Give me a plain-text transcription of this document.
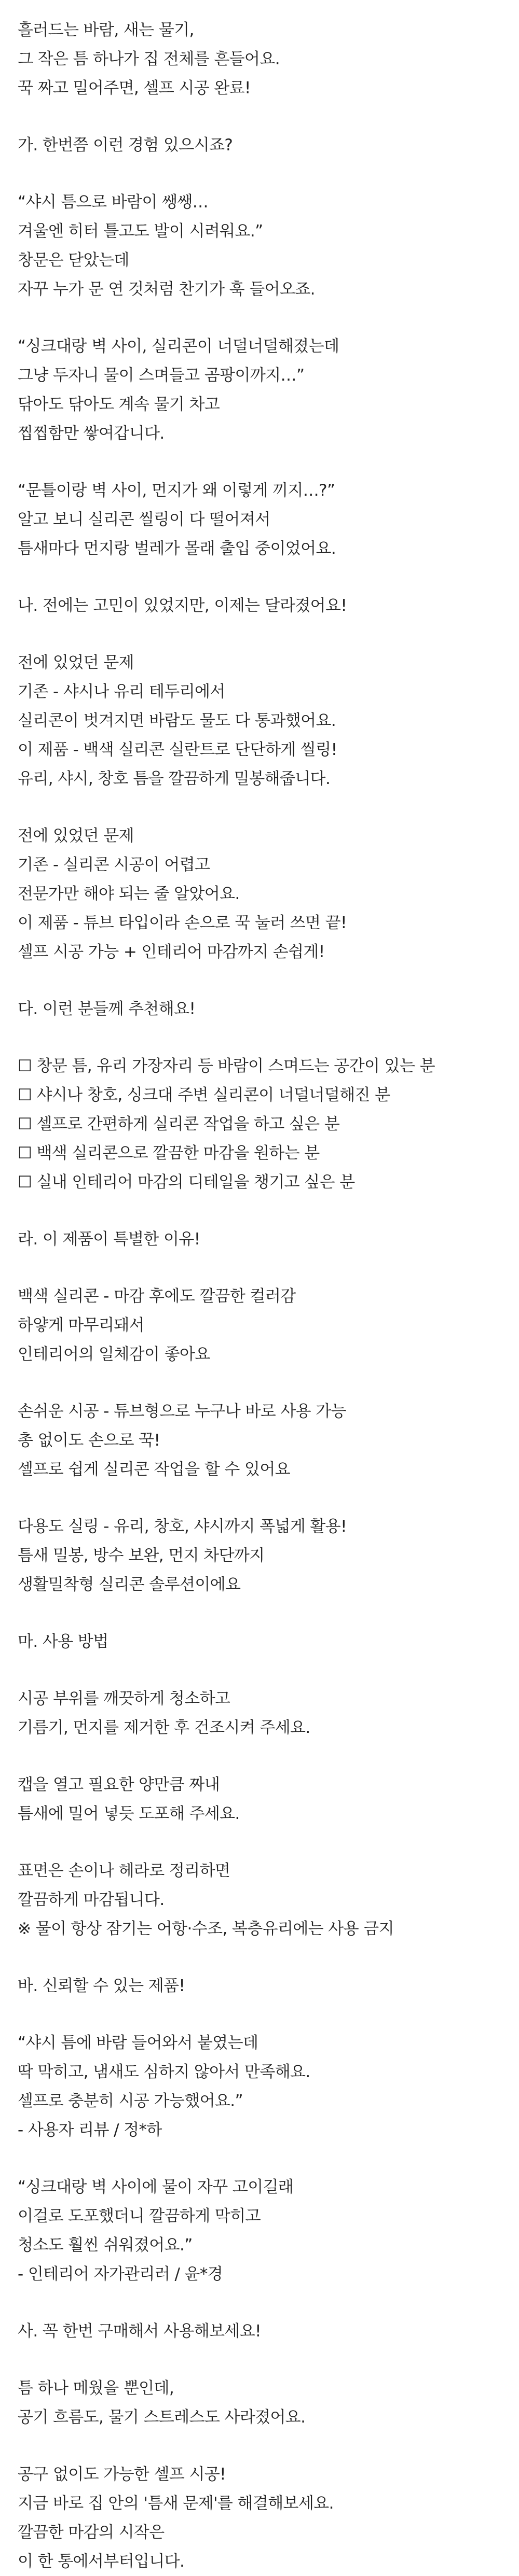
흘러드는 바람, 새는 물기,
그 작은 틈 하나가 집 전체를 흔들어요.
꾹 짜고 밀어주면, 셀프 시공 완료!
가. 한번쯤 이런 경험 있으시죠?
“샤시 틈으로 바람이 쌩쌩…
겨울엔 히터 틀고도 발이 시려워요.”
창문은 닫았는데
자꾸 누가 문 연 것처럼 찬기가 훅 들어오죠.
“싱크대랑 벽 사이, 실리콘이 너덜너덜해졌는데
그냥 두자니 물이 스며들고 곰팡이까지…”
닦아도 닦아도 계속 물기 차고
찝찝함만 쌓여갑니다.
“문틀이랑 벽 사이, 먼지가 왜 이렇게 끼지…?”
알고 보니 실리콘 씰링이 다 떨어져서
틈새마다 먼지랑 벌레가 몰래 출입 중이었어요.
나. 전에는 고민이 있었지만, 이제는 달라졌어요!
전에 있었던 문제
기존 - 샤시나 유리 테두리에서
실리콘이 벗겨지면 바람도 물도 다 통과했어요.
이 제품 - 백색 실리콘 실란트로 단단하게 씰링!
유리, 샤시, 창호 틈을 깔끔하게 밀봉해줍니다.
전에 있었던 문제
기존 - 실리콘 시공이 어렵고
전문가만 해야 되는 줄 알았어요.
이 제품 - 튜브 타입이라 손으로 꾹 눌러 쓰면 끝!
셀프 시공 가능 + 인테리어 마감까지 손쉽게!
다. 이런 분들께 추천해요!
☐ 창문 틈, 유리 가장자리 등 바람이 스며드는 공간이 있는 분
☐ 샤시나 창호, 싱크대 주변 실리콘이 너덜너덜해진 분
☐ 셀프로 간편하게 실리콘 작업을 하고 싶은 분
☐ 백색 실리콘으로 깔끔한 마감을 원하는 분
☐ 실내 인테리어 마감의 디테일을 챙기고 싶은 분
라. 이 제품이 특별한 이유!
백색 실리콘 - 마감 후에도 깔끔한 컬러감
하얗게 마무리돼서
인테리어의 일체감이 좋아요
손쉬운 시공 - 튜브형으로 누구나 바로 사용 가능
총 없이도 손으로 꾹!
셀프로 쉽게 실리콘 작업을 할 수 있어요
다용도 실링 - 유리, 창호, 샤시까지 폭넓게 활용!
틈새 밀봉, 방수 보완, 먼지 차단까지
생활밀착형 실리콘 솔루션이에요
마. 사용 방법
시공 부위를 깨끗하게 청소하고
기름기, 먼지를 제거한 후 건조시켜 주세요.
캡을 열고 필요한 양만큼 짜내
틈새에 밀어 넣듯 도포해 주세요.
표면은 손이나 헤라로 정리하면
깔끔하게 마감됩니다.
※ 물이 항상 잠기는 어항·수조, 복층유리에는 사용 금지
바. 신뢰할 수 있는 제품!
“샤시 틈에 바람 들어와서 붙였는데
딱 막히고, 냄새도 심하지 않아서 만족해요.
셀프로 충분히 시공 가능했어요.”
- 사용자 리뷰 / 정*하
“싱크대랑 벽 사이에 물이 자꾸 고이길래
이걸로 도포했더니 깔끔하게 막히고
청소도 훨씬 쉬워졌어요.”
- 인테리어 자가관리러 / 윤*경
사. 꼭 한번 구매해서 사용해보세요!
틈 하나 메웠을 뿐인데,
공기 흐름도, 물기 스트레스도 사라졌어요.
공구 없이도 가능한 셀프 시공!
지금 바로 집 안의 '틈새 문제'를 해결해보세요.
깔끔한 마감의 시작은
이 한 통에서부터입니다.
